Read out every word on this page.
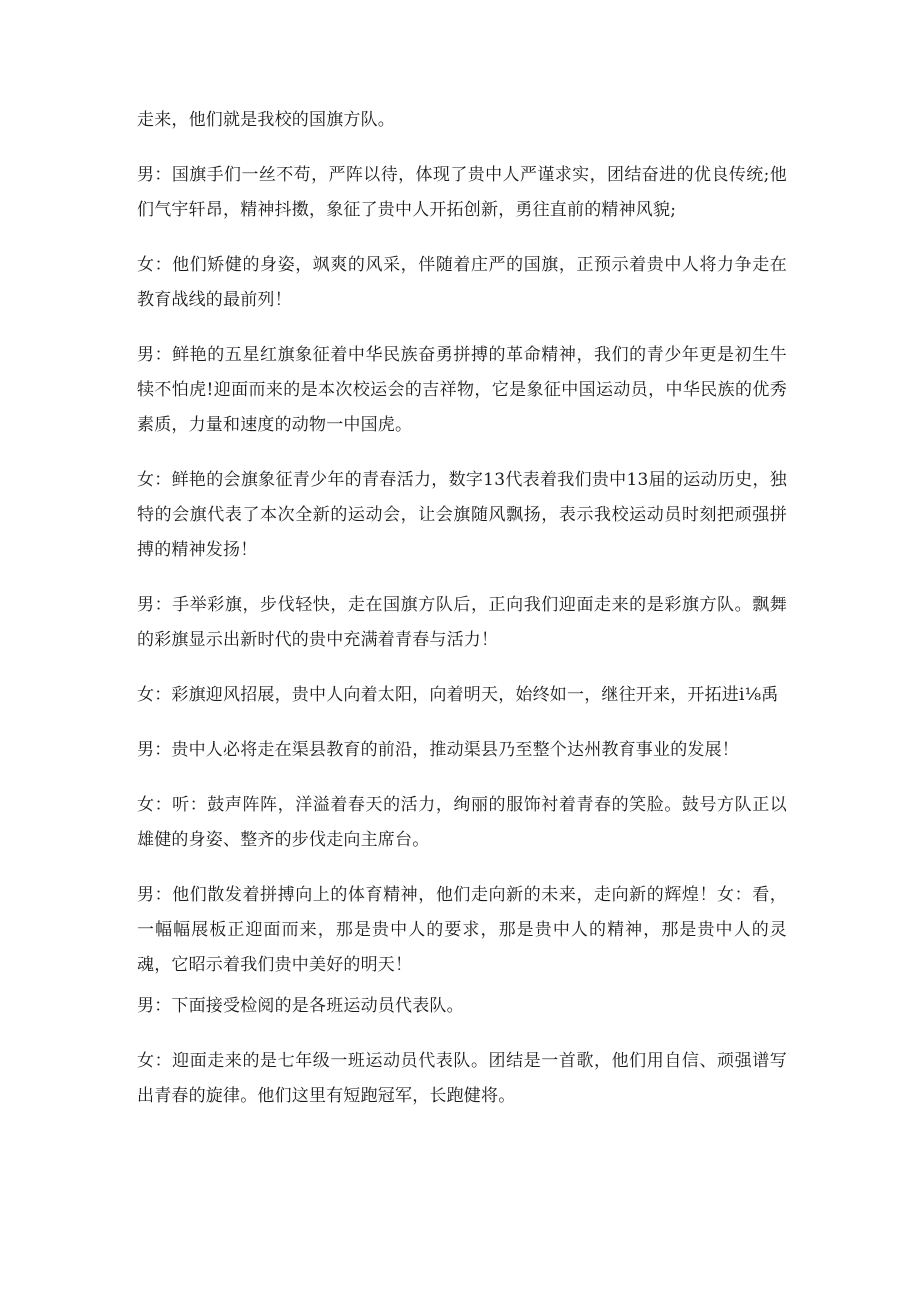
走来，他们就是我校的国旗方队。

男：国旗手们一丝不苟，严阵以待，体现了贵中人严谨求实，团结奋进的优良传统;他们气宇轩昂，精神抖擞，象征了贵中人开拓创新，勇往直前的精神风貌;

女：他们矫健的身姿，飒爽的风采，伴随着庄严的国旗，正预示着贵中人将力争走在教育战线的最前列！

男：鲜艳的五星红旗象征着中华民族奋勇拼搏的革命精神，我们的青少年更是初生牛犊不怕虎!迎面而来的是本次校运会的吉祥物，它是象征中国运动员，中华民族的优秀素质，力量和速度的动物一中国虎。

女：鲜艳的会旗象征青少年的青春活力，数字13代表着我们贵中13届的运动历史，独特的会旗代表了本次全新的运动会，让会旗随风飘扬，表示我校运动员时刻把顽强拼搏的精神发扬！

男：手举彩旗，步伐轻快，走在国旗方队后，正向我们迎面走来的是彩旗方队。飘舞的彩旗显示出新时代的贵中充满着青春与活力！

女：彩旗迎风招展，贵中人向着太阳，向着明天，始终如一，继往开来，开拓进i⅛禹

男：贵中人必将走在渠县教育的前沿，推动渠县乃至整个达州教育事业的发展！

女：听：鼓声阵阵，洋溢着春天的活力，绚丽的服饰衬着青春的笑脸。鼓号方队正以雄健的身姿、整齐的步伐走向主席台。

男：他们散发着拼搏向上的体育精神，他们走向新的未来，走向新的辉煌！女：看，一幅幅展板正迎面而来，那是贵中人的要求，那是贵中人的精神，那是贵中人的灵魂，它昭示着我们贵中美好的明天！

男：下面接受检阅的是各班运动员代表队。

女：迎面走来的是七年级一班运动员代表队。团结是一首歌，他们用自信、顽强谱写出青春的旋律。他们这里有短跑冠军，长跑健将。
